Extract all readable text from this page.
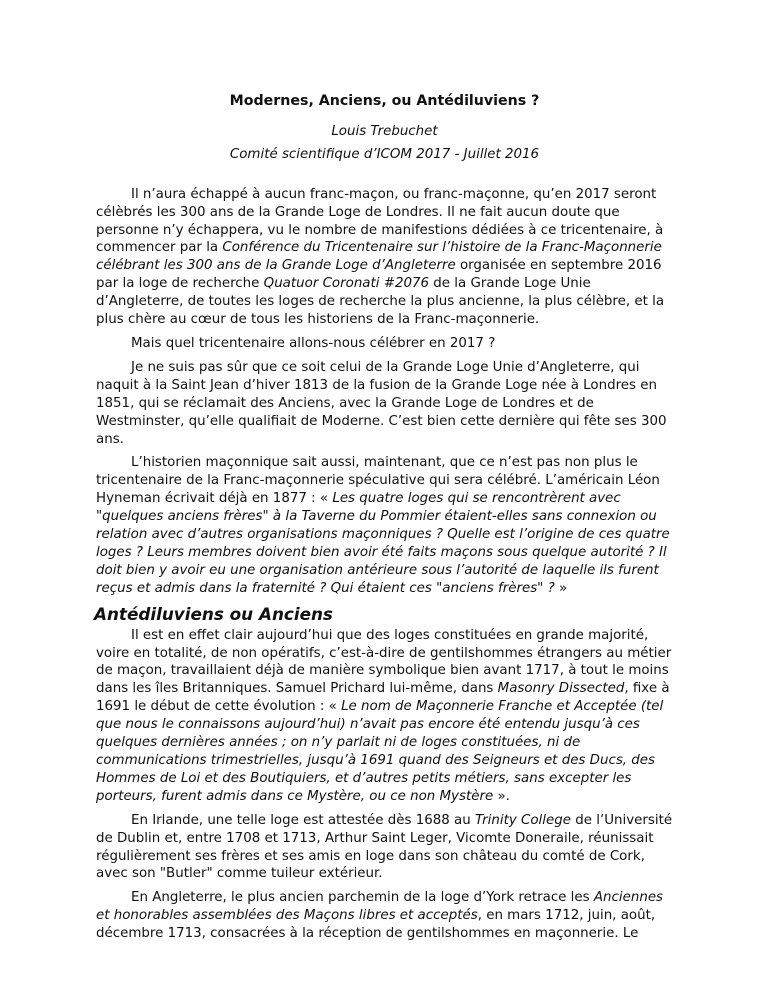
Modernes, Anciens, ou Antédiluviens ?
Louis Trebuchet
Comité scientifique d’ICOM 2017 - Juillet 2016

Il n’aura échappé à aucun franc-maçon, ou franc-maçonne, qu’en 2017 seront célèbrés les 300 ans de la Grande Loge de Londres. Il ne fait aucun doute que personne n’y échappera, vu le nombre de manifestions dédiées à ce tricentenaire, à commencer par la Conférence du Tricentenaire sur l’histoire de la Franc-Maçonnerie célébrant les 300 ans de la Grande Loge d’Angleterre organisée en septembre 2016 par la loge de recherche Quatuor Coronati #2076 de la Grande Loge Unie d’Angleterre, de toutes les loges de recherche la plus ancienne, la plus célèbre, et la plus chère au cœur de tous les historiens de la Franc-maçonnerie.

Mais quel tricentenaire allons-nous célébrer en 2017 ?

Je ne suis pas sûr que ce soit celui de la Grande Loge Unie d’Angleterre, qui naquit à la Saint Jean d’hiver 1813 de la fusion de la Grande Loge née à Londres en 1851, qui se réclamait des Anciens, avec la Grande Loge de Londres et de Westminster, qu’elle qualifiait de Moderne. C’est bien cette dernière qui fête ses 300 ans.

L’historien maçonnique sait aussi, maintenant, que ce n’est pas non plus le tricentenaire de la Franc-maçonnerie spéculative qui sera célébré. L’américain Léon Hyneman écrivait déjà en 1877 : « Les quatre loges qui se rencontrèrent avec "quelques anciens frères" à la Taverne du Pommier étaient-elles sans connexion ou relation avec d’autres organisations maçonniques ? Quelle est l’origine de ces quatre loges ? Leurs membres doivent bien avoir été faits maçons sous quelque autorité ? Il doit bien y avoir eu une organisation antérieure sous l’autorité de laquelle ils furent reçus et admis dans la fraternité ? Qui étaient ces "anciens frères" ? »

Antédiluviens ou Anciens

Il est en effet clair aujourd’hui que des loges constituées en grande majorité, voire en totalité, de non opératifs, c’est-à-dire de gentilshommes étrangers au métier de maçon, travaillaient déjà de manière symbolique bien avant 1717, à tout le moins dans les îles Britanniques. Samuel Prichard lui-même, dans Masonry Dissected, fixe à 1691 le début de cette évolution : « Le nom de Maçonnerie Franche et Acceptée (tel que nous le connaissons aujourd’hui) n’avait pas encore été entendu jusqu’à ces quelques dernières années ; on n’y parlait ni de loges constituées, ni de communications trimestrielles, jusqu’à 1691 quand des Seigneurs et des Ducs, des Hommes de Loi et des Boutiquiers, et d’autres petits métiers, sans excepter les porteurs, furent admis dans ce Mystère, ou ce non Mystère ».

En Irlande, une telle loge est attestée dès 1688 au Trinity College de l’Université de Dublin et, entre 1708 et 1713, Arthur Saint Leger, Vicomte Doneraile, réunissait régulièrement ses frères et ses amis en loge dans son château du comté de Cork, avec son "Butler" comme tuileur extérieur.

En Angleterre, le plus ancien parchemin de la loge d’York retrace les Anciennes et honorables assemblées des Maçons libres et acceptés, en mars 1712, juin, août, décembre 1713, consacrées à la réception de gentilshommes en maçonnerie. Le
